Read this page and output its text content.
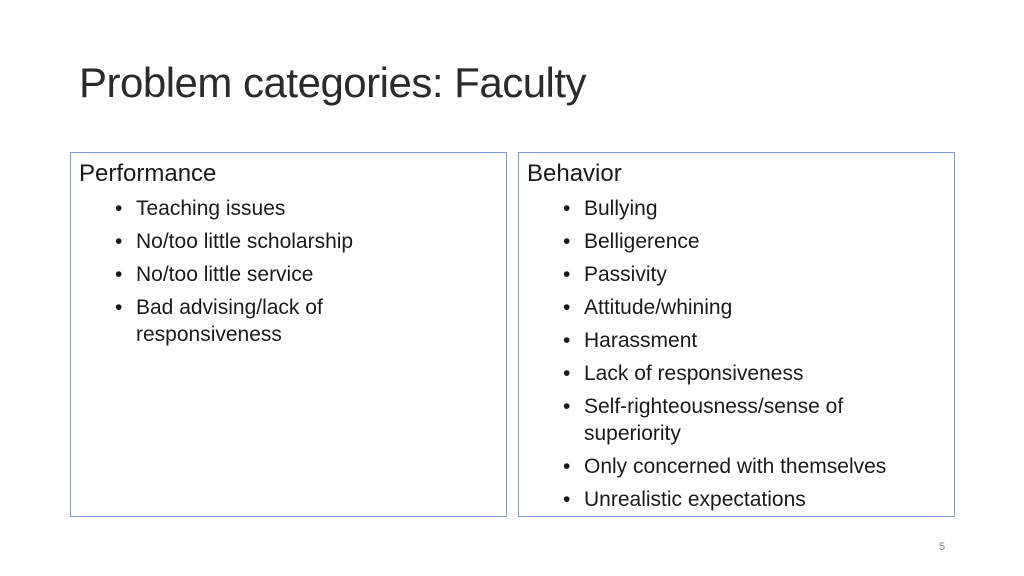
Problem categories: Faculty
Performance
• Teaching issues
• No/too little scholarship
• No/too little service
• Bad advising/lack of responsiveness
Behavior
• Bullying
• Belligerence
• Passivity
• Attitude/whining
• Harassment
• Lack of responsiveness
• Self-righteousness/sense of superiority
• Only concerned with themselves
• Unrealistic expectations
5
